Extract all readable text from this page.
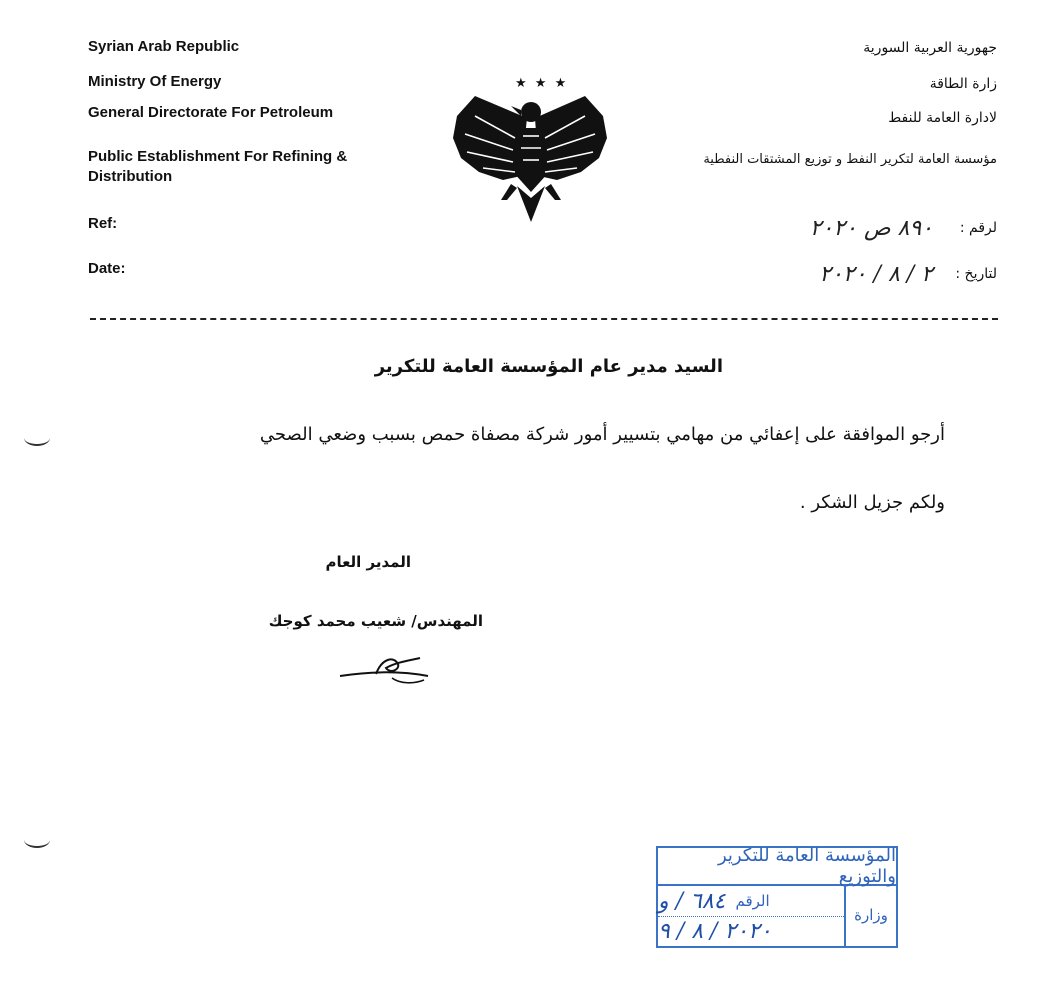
Syrian Arab Republic
Ministry Of Energy
General Directorate For Petroleum
Public Establishment For Refining &
Distribution
Ref:
Date:
★ ★ ★
جهورية العربية السورية
زارة الطاقة
لادارة العامة للنفط
مؤسسة العامة لتكرير النفط و توزيع المشتقات النفطية
لرقم :
٨٩٠ ص ٢٠٢٠
لتاريخ :
٢ / ٨ / ٢٠٢٠
السيد مدير عام المؤسسة العامة للتكرير
أرجو الموافقة على إعفائي من مهامي بتسيير أمور شركة مصفاة حمص بسبب وضعي الصحي
ولكم جزيل الشكر .
المدير العام
المهندس/ شعيب محمد كوجك
المؤسسة العامة للتكرير والتوزيع
وزارة
الرقم
٦٨٤ / و
٢٠٢٠ / ٨ / ٩
